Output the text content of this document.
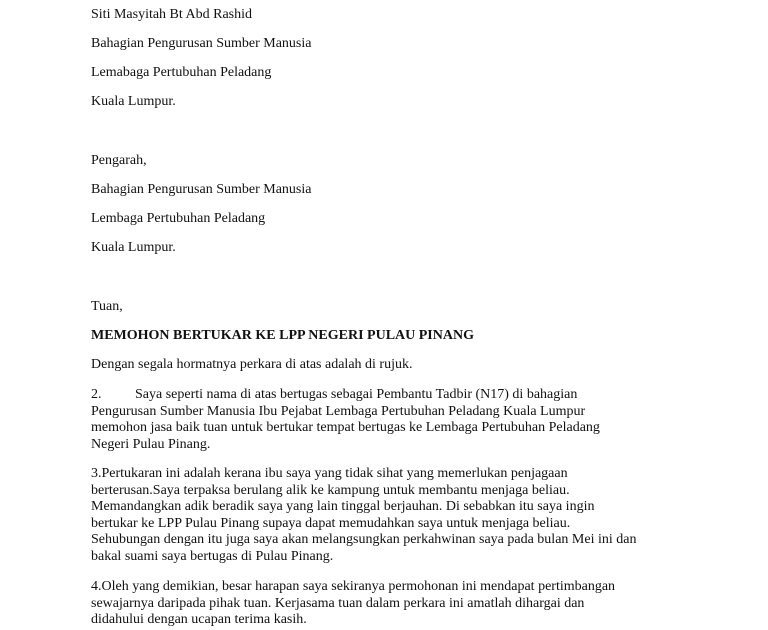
Siti Masyitah Bt Abd Rashid
Bahagian Pengurusan Sumber Manusia
Lemabaga Pertubuhan Peladang
Kuala Lumpur.
Pengarah,
Bahagian Pengurusan Sumber Manusia
Lembaga Pertubuhan Peladang
Kuala Lumpur.
Tuan,
MEMOHON BERTUKAR KE LPP NEGERI PULAU PINANG
Dengan segala hormatnya perkara di atas adalah di rujuk.
2. Saya seperti nama di atas bertugas sebagai Pembantu Tadbir (N17) di bahagian
Pengurusan Sumber Manusia Ibu Pejabat Lembaga Pertubuhan Peladang Kuala Lumpur
memohon jasa baik tuan untuk bertukar tempat bertugas ke Lembaga Pertubuhan Peladang
Negeri Pulau Pinang.
3.Pertukaran ini adalah kerana ibu saya yang tidak sihat yang memerlukan penjagaan
berterusan.Saya terpaksa berulang alik ke kampung untuk membantu menjaga beliau.
Memandangkan adik beradik saya yang lain tinggal berjauhan. Di sebabkan itu saya ingin
bertukar ke LPP Pulau Pinang supaya dapat memudahkan saya untuk menjaga beliau.
Sehubungan dengan itu juga saya akan melangsungkan perkahwinan saya pada bulan Mei ini dan
bakal suami saya bertugas di Pulau Pinang.
4.Oleh yang demikian, besar harapan saya sekiranya permohonan ini mendapat pertimbangan
sewajarnya daripada pihak tuan. Kerjasama tuan dalam perkara ini amatlah dihargai dan
didahului dengan ucapan terima kasih.
